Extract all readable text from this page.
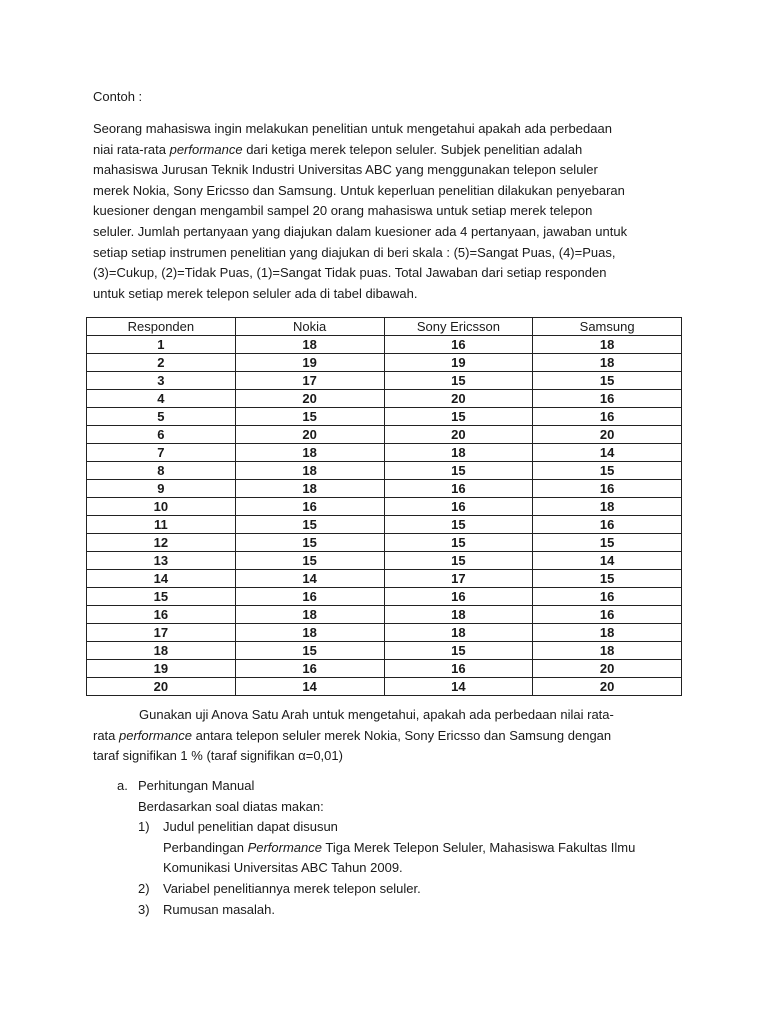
Contoh :
Seorang mahasiswa ingin melakukan penelitian untuk mengetahui apakah ada perbedaan
niai rata-rata performance dari ketiga merek telepon seluler. Subjek penelitian adalah
mahasiswa Jurusan Teknik Industri Universitas ABC yang menggunakan telepon seluler
merek Nokia, Sony Ericsso dan Samsung. Untuk keperluan penelitian dilakukan penyebaran
kuesioner dengan mengambil sampel 20 orang mahasiswa untuk setiap merek telepon
seluler. Jumlah pertanyaan yang diajukan dalam kuesioner ada 4 pertanyaan, jawaban untuk
setiap setiap instrumen penelitian yang diajukan di beri skala : (5)=Sangat Puas, (4)=Puas,
(3)=Cukup, (2)=Tidak Puas, (1)=Sangat Tidak puas. Total Jawaban dari setiap responden
untuk setiap merek telepon seluler ada di tabel dibawah.
Responden	Nokia	Sony Ericsson	Samsung
1	18	16	18
2	19	19	18
3	17	15	15
4	20	20	16
5	15	15	16
6	20	20	20
7	18	18	14
8	18	15	15
9	18	16	16
10	16	16	18
11	15	15	16
12	15	15	15
13	15	15	14
14	14	17	15
15	16	16	16
16	18	18	16
17	18	18	18
18	15	15	18
19	16	16	20
20	14	14	20
Gunakan uji Anova Satu Arah untuk mengetahui, apakah ada perbedaan nilai rata-
rata performance antara telepon seluler merek Nokia, Sony Ericsso dan Samsung dengan
taraf signifikan 1 % (taraf signifikan α=0,01)
a. Perhitungan Manual
Berdasarkan soal diatas makan:
1) Judul penelitian dapat disusun
Perbandingan Performance Tiga Merek Telepon Seluler, Mahasiswa Fakultas Ilmu
Komunikasi Universitas ABC Tahun 2009.
2) Variabel penelitiannya merek telepon seluler.
3) Rumusan masalah.
